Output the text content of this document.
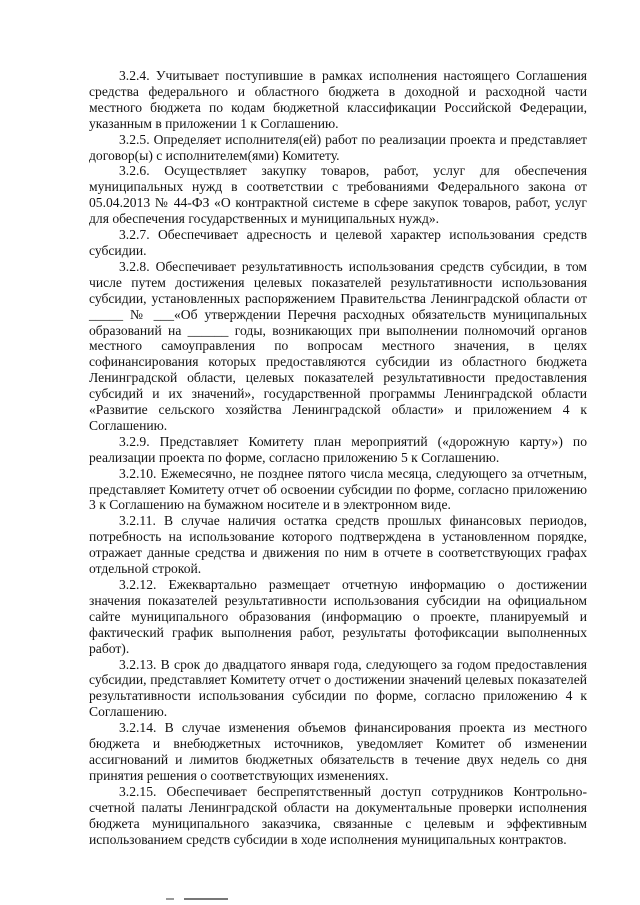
3.2.4. Учитывает поступившие в рамках исполнения настоящего Соглашения средства федерального и областного бюджета в доходной и расходной части местного бюджета по кодам бюджетной классификации Российской Федерации, указанным в приложении 1 к Соглашению.

3.2.5. Определяет исполнителя(ей) работ по реализации проекта и представляет договор(ы) с исполнителем(ями) Комитету.

3.2.6. Осуществляет закупку товаров, работ, услуг для обеспечения муниципальных нужд в соответствии с требованиями Федерального закона от 05.04.2013 № 44-ФЗ «О контрактной системе в сфере закупок товаров, работ, услуг для обеспечения государственных и муниципальных нужд».

3.2.7. Обеспечивает адресность и целевой характер использования средств субсидии.

3.2.8. Обеспечивает результативность использования средств субсидии, в том числе путем достижения целевых показателей результативности использования субсидии, установленных распоряжением Правительства Ленинградской области от _____ № ___«Об утверждении Перечня расходных обязательств муниципальных образований на ______ годы, возникающих при выполнении полномочий органов местного самоуправления по вопросам местного значения, в целях софинансирования которых предоставляются субсидии из областного бюджета Ленинградской области, целевых показателей результативности предоставления субсидий и их значений», государственной программы Ленинградской области «Развитие сельского хозяйства Ленинградской области» и приложением 4 к Соглашению.

3.2.9. Представляет Комитету план мероприятий («дорожную карту») по реализации проекта по форме, согласно приложению 5 к Соглашению.

3.2.10. Ежемесячно, не позднее пятого числа месяца, следующего за отчетным, представляет Комитету отчет об освоении субсидии по форме, согласно приложению 3 к Соглашению на бумажном носителе и в электронном виде.

3.2.11. В случае наличия остатка средств прошлых финансовых периодов, потребность на использование которого подтверждена в установленном порядке, отражает данные средства и движения по ним в отчете в соответствующих графах отдельной строкой.

3.2.12. Ежеквартально размещает отчетную информацию о достижении значения показателей результативности использования субсидии на официальном сайте муниципального образования (информацию о проекте, планируемый и фактический график выполнения работ, результаты фотофиксации выполненных работ).

3.2.13. В срок до двадцатого января года, следующего за годом предоставления субсидии, представляет Комитету отчет о достижении значений целевых показателей результативности использования субсидии по форме, согласно приложению 4 к Соглашению.

3.2.14. В случае изменения объемов финансирования проекта из местного бюджета и внебюджетных источников, уведомляет Комитет об изменении ассигнований и лимитов бюджетных обязательств в течение двух недель со дня принятия решения о соответствующих изменениях.

3.2.15. Обеспечивает беспрепятственный доступ сотрудников Контрольно-счетной палаты Ленинградской области на документальные проверки исполнения бюджета муниципального заказчика, связанные с целевым и эффективным использованием средств субсидии в ходе исполнения муниципальных контрактов.
